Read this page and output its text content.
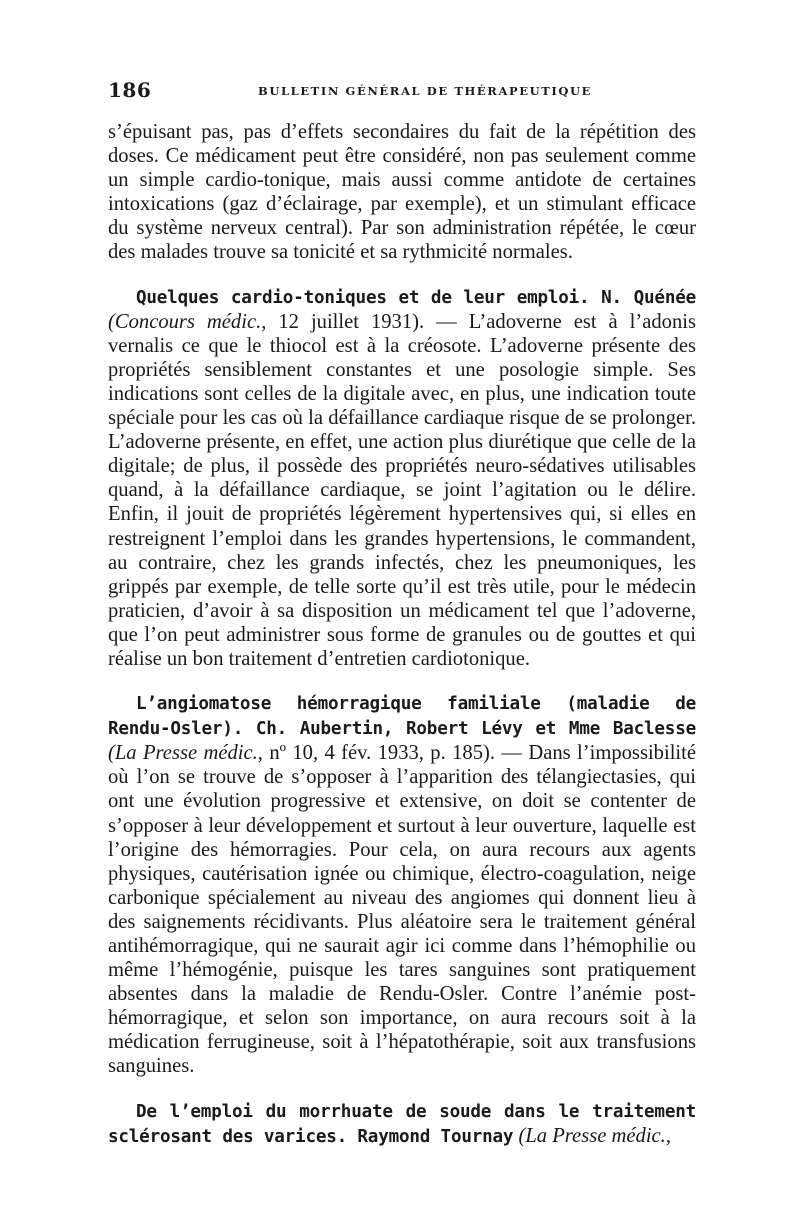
186	BULLETIN GÉNÉRAL DE THÉRAPEUTIQUE

s’épuisant pas, pas d’effets secondaires du fait de la répétition des doses. Ce médicament peut être considéré, non pas seulement comme un simple cardio-tonique, mais aussi comme antidote de certaines intoxications (gaz d’éclairage, par exemple), et un stimulant efficace du système nerveux central). Par son administration répétée, le cœur des malades trouve sa tonicité et sa rythmicité normales.

Quelques cardio-toniques et de leur emploi. N. Quénée (Concours médic., 12 juillet 1931). — L’adoverne est à l’adonis vernalis ce que le thiocol est à la créosote. L’adoverne présente des propriétés sensiblement constantes et une posologie simple. Ses indications sont celles de la digitale avec, en plus, une indication toute spéciale pour les cas où la défaillance cardiaque risque de se prolonger. L’adoverne présente, en effet, une action plus diurétique que celle de la digitale; de plus, il possède des propriétés neuro-sédatives utilisables quand, à la défaillance cardiaque, se joint l’agitation ou le délire. Enfin, il jouit de propriétés légèrement hypertensives qui, si elles en restreignent l’emploi dans les grandes hypertensions, le commandent, au contraire, chez les grands infectés, chez les pneumoniques, les grippés par exemple, de telle sorte qu’il est très utile, pour le médecin praticien, d’avoir à sa disposition un médicament tel que l’adoverne, que l’on peut administrer sous forme de granules ou de gouttes et qui réalise un bon traitement d’entretien cardiotonique.

L’angiomatose hémorragique familiale (maladie de Rendu-Osler). Ch. Aubertin, Robert Lévy et Mme Baclesse (La Presse médic., nº 10, 4 fév. 1933, p. 185). — Dans l’impossibilité où l’on se trouve de s’opposer à l’apparition des télangiectasies, qui ont une évolution progressive et extensive, on doit se contenter de s’opposer à leur développement et surtout à leur ouverture, laquelle est l’origine des hémorragies. Pour cela, on aura recours aux agents physiques, cautérisation ignée ou chimique, électro-coagulation, neige carbonique spécialement au niveau des angiomes qui donnent lieu à des saignements récidivants. Plus aléatoire sera le traitement général antihémorragique, qui ne saurait agir ici comme dans l’hémophilie ou même l’hémogénie, puisque les tares sanguines sont pratiquement absentes dans la maladie de Rendu-Osler. Contre l’anémie post-hémorragique, et selon son importance, on aura recours soit à la médication ferrugineuse, soit à l’hépatothérapie, soit aux transfusions sanguines.

De l’emploi du morrhuate de soude dans le traitement sclérosant des varices. Raymond Tournay (La Presse médic.,
